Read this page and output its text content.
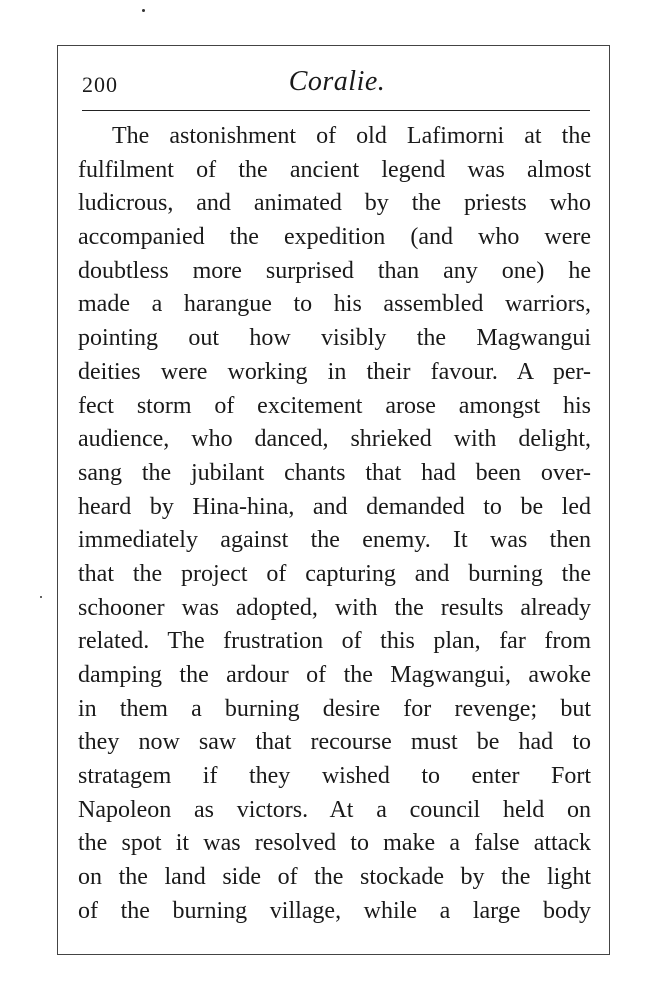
200	Coralie.
The astonishment of old Lafimorni at the
fulfilment of the ancient legend was almost
ludicrous, and animated by the priests who
accompanied the expedition (and who were
doubtless more surprised than any one) he
made a harangue to his assembled warriors,
pointing out how visibly the Magwangui
deities were working in their favour. A per-
fect storm of excitement arose amongst his
audience, who danced, shrieked with delight,
sang the jubilant chants that had been over-
heard by Hina-hina, and demanded to be led
immediately against the enemy. It was then
that the project of capturing and burning the
schooner was adopted, with the results already
related. The frustration of this plan, far from
damping the ardour of the Magwangui, awoke
in them a burning desire for revenge; but
they now saw that recourse must be had to
stratagem if they wished to enter Fort
Napoleon as victors. At a council held on
the spot it was resolved to make a false attack
on the land side of the stockade by the light
of the burning village, while a large body
